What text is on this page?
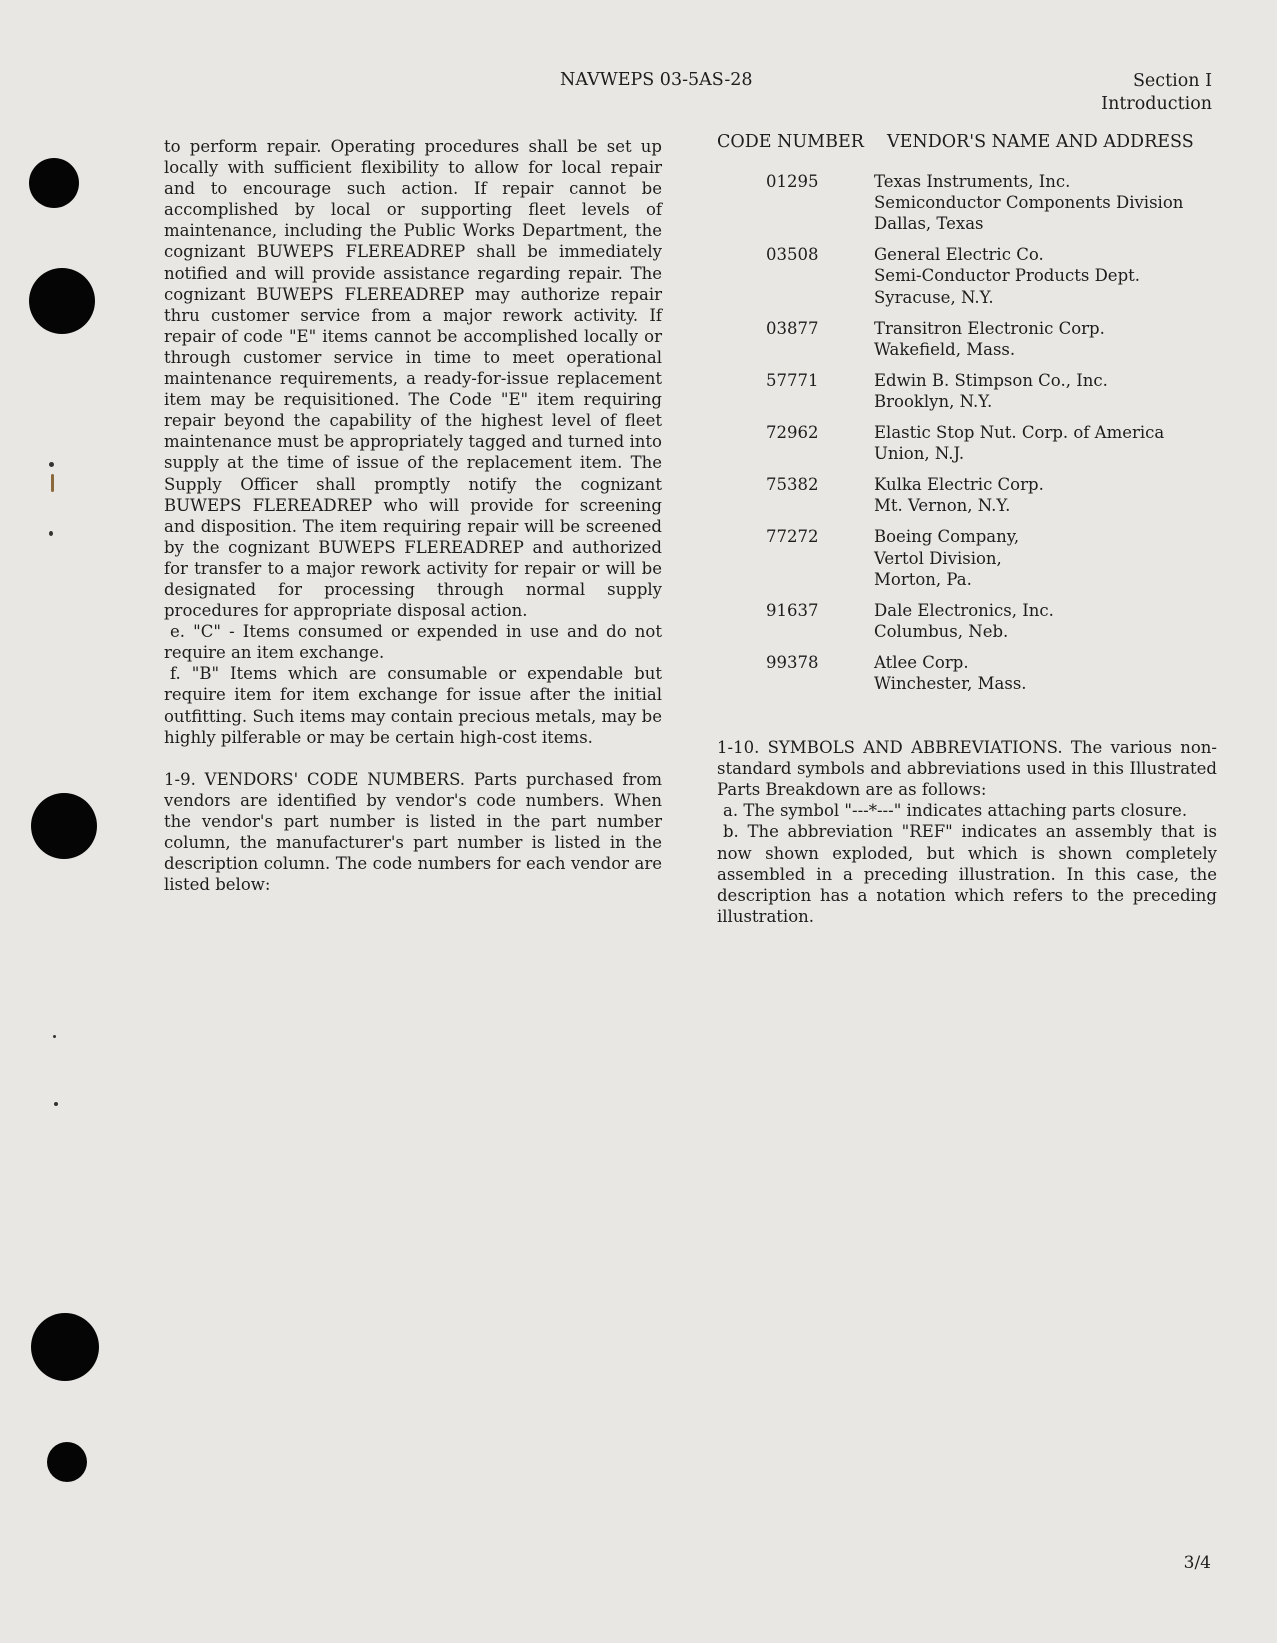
NAVWEPS 03-5AS-28	Section I
Introduction

to perform repair. Operating procedures shall be set up locally with sufficient flexibility to allow for local repair and to encourage such action. If repair cannot be accomplished by local or supporting fleet levels of maintenance, including the Public Works Department, the cognizant BUWEPS FLEREADREP shall be immediately notified and will provide assistance regarding repair. The cognizant BUWEPS FLEREADREP may authorize repair thru customer service from a major rework activity. If repair of code "E" items cannot be accomplished locally or through customer service in time to meet operational maintenance requirements, a ready-for-issue replacement item may be requisitioned. The Code "E" item requiring repair beyond the capability of the highest level of fleet maintenance must be appropriately tagged and turned into supply at the time of issue of the replacement item. The Supply Officer shall promptly notify the cognizant BUWEPS FLEREADREP who will provide for screening and disposition. The item requiring repair will be screened by the cognizant BUWEPS FLEREADREP and authorized for transfer to a major rework activity for repair or will be designated for processing through normal supply procedures for appropriate disposal action.

e. "C" - Items consumed or expended in use and do not require an item exchange.

f. "B" Items which are consumable or expendable but require item for item exchange for issue after the initial outfitting. Such items may contain precious metals, may be highly pilferable or may be certain high-cost items.

1-9. VENDORS' CODE NUMBERS. Parts purchased from vendors are identified by vendor's code numbers. When the vendor's part number is listed in the part number column, the manufacturer's part number is listed in the description column. The code numbers for each vendor are listed below:

CODE NUMBER	VENDOR'S NAME AND ADDRESS
01295	Texas Instruments, Inc.
Semiconductor Components Division
Dallas, Texas
03508	General Electric Co.
Semi-Conductor Products Dept.
Syracuse, N.Y.
03877	Transitron Electronic Corp.
Wakefield, Mass.
57771	Edwin B. Stimpson Co., Inc.
Brooklyn, N.Y.
72962	Elastic Stop Nut. Corp. of America
Union, N.J.
75382	Kulka Electric Corp.
Mt. Vernon, N.Y.
77272	Boeing Company,
Vertol Division,
Morton, Pa.
91637	Dale Electronics, Inc.
Columbus, Neb.
99378	Atlee Corp.
Winchester, Mass.

1-10. SYMBOLS AND ABBREVIATIONS. The various non-standard symbols and abbreviations used in this Illustrated Parts Breakdown are as follows:

a. The symbol "---*---" indicates attaching parts closure.

b. The abbreviation "REF" indicates an assembly that is now shown exploded, but which is shown completely assembled in a preceding illustration. In this case, the description has a notation which refers to the preceding illustration.

3/4
